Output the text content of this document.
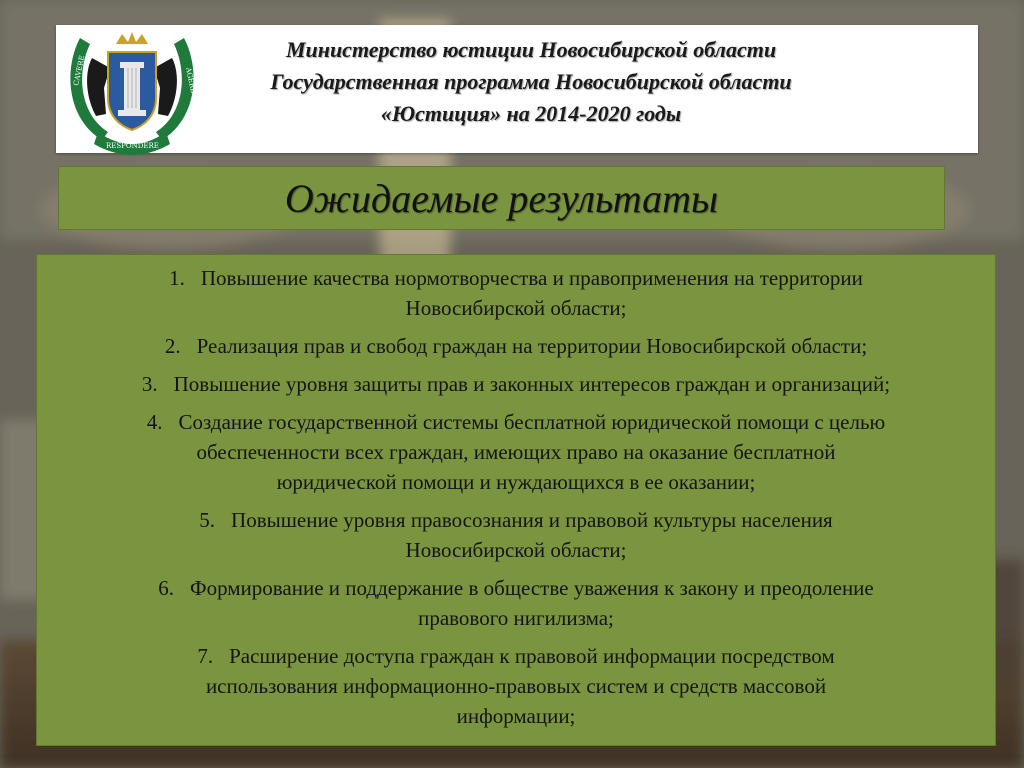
CAVERE	AGERE
RESPONDERE
Министерство юстиции Новосибирской области
Государственная программа Новосибирской области
«Юстиция» на 2014-2020 годы
Ожидаемые результаты
1. Повышение качества нормотворчества и правоприменения на территории
Новосибирской области;
2. Реализация прав и свобод граждан на территории Новосибирской области;
3. Повышение уровня защиты прав и законных интересов граждан и организаций;
4. Создание государственной системы бесплатной юридической помощи с целью
обеспеченности всех граждан, имеющих право на оказание бесплатной
юридической помощи и нуждающихся в ее оказании;
5. Повышение уровня правосознания и правовой культуры населения
Новосибирской области;
6. Формирование и поддержание в обществе уважения к закону и преодоление
правового нигилизма;
7. Расширение доступа граждан к правовой информации посредством
использования информационно-правовых систем и средств массовой
информации;
